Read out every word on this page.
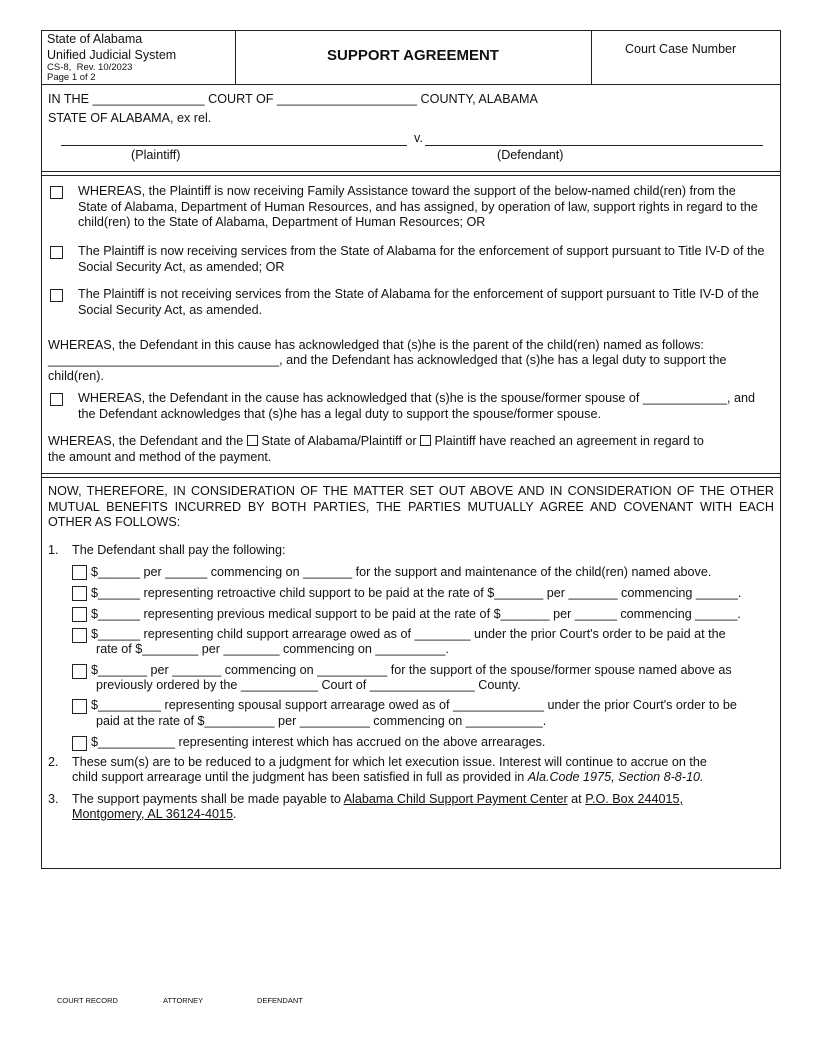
State of Alabama
Unified Judicial System
CS-8,  Rev. 10/2023
Page 1 of 2
SUPPORT AGREEMENT	Court Case Number
IN THE ________________ COURT OF ____________________ COUNTY, ALABAMA
STATE OF ALABAMA, ex rel.
v.
(Plaintiff)	(Defendant)
WHEREAS, the Plaintiff is now receiving Family Assistance toward the support of the below-named child(ren) from the State of Alabama, Department of Human Resources, and has assigned, by operation of law, support rights in regard to the child(ren) to the State of Alabama, Department of Human Resources; OR
The Plaintiff is now receiving services from the State of Alabama for the enforcement of support pursuant to Title IV-D of the Social Security Act, as amended; OR
The Plaintiff is not receiving services from the State of Alabama for the enforcement of support pursuant to Title IV-D of the Social Security Act, as amended.
WHEREAS, the Defendant in this cause has acknowledged that (s)he is the parent of the child(ren) named as follows:
_________________________________, and the Defendant has acknowledged that (s)he has a legal duty to support the
child(ren).
WHEREAS, the Defendant in the cause has acknowledged that (s)he is the spouse/former spouse of ____________, and the Defendant acknowledges that (s)he has a legal duty to support the spouse/former spouse.
WHEREAS, the Defendant and the State of Alabama/Plaintiff or Plaintiff have reached an agreement in regard to
the amount and method of the payment.
NOW, THEREFORE, IN CONSIDERATION OF THE MATTER SET OUT ABOVE AND IN CONSIDERATION OF THE OTHER MUTUAL BENEFITS INCURRED BY BOTH PARTIES, THE PARTIES MUTUALLY AGREE AND COVENANT WITH EACH OTHER AS FOLLOWS:
1. The Defendant shall pay the following:
$______ per ______ commencing on _______ for the support and maintenance of the child(ren) named above.
$______ representing retroactive child support to be paid at the rate of $_______ per _______ commencing ______.
$______ representing previous medical support to be paid at the rate of $_______ per ______ commencing ______.
$______ representing child support arrearage owed as of ________ under the prior Court's order to be paid at the
rate of $________ per ________ commencing on __________.
$_______ per _______ commencing on __________ for the support of the spouse/former spouse named above as
previously ordered by the ___________ Court of _______________ County.
$_________ representing spousal support arrearage owed as of _____________ under the prior Court's order to be
paid at the rate of $__________ per __________ commencing on ___________.
$___________ representing interest which has accrued on the above arrearages.
2. These sum(s) are to be reduced to a judgment for which let execution issue. Interest will continue to accrue on the
child support arrearage until the judgment has been satisfied in full as provided in Ala.Code 1975, Section 8-8-10.
3. The support payments shall be made payable to Alabama Child Support Payment Center at P.O. Box 244015,
Montgomery, AL 36124-4015.
COURT RECORD	ATTORNEY	DEFENDANT
